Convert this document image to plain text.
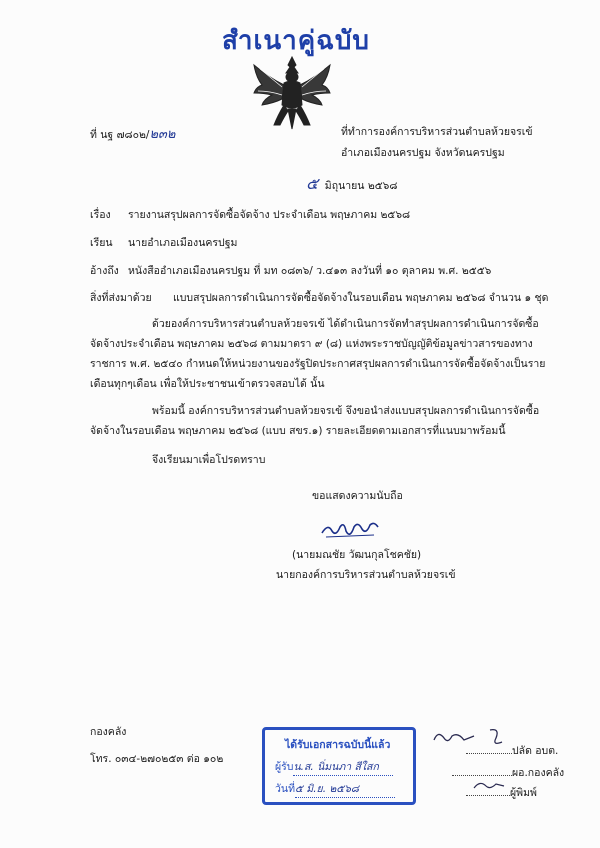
สำเนาคู่ฉบับ
ที่ นฐ ๗๘๐๒/๒๓๒	ที่ทำการองค์การบริหารส่วนตำบลห้วยจรเข้
อำเภอเมืองนครปฐม จังหวัดนครปฐม
๕ มิถุนายน ๒๕๖๘
เรื่อง รายงานสรุปผลการจัดซื้อจัดจ้าง ประจำเดือน พฤษภาคม ๒๕๖๘
เรียน นายอำเภอเมืองนครปฐม
อ้างถึง หนังสืออำเภอเมืองนครปฐม ที่ มท ๐๘๓๖/ ว.๔๑๓ ลงวันที่ ๑๐ ตุลาคม พ.ศ. ๒๕๕๖
สิ่งที่ส่งมาด้วย แบบสรุปผลการดำเนินการจัดซื้อจัดจ้างในรอบเดือน พฤษภาคม ๒๕๖๘ จำนวน ๑ ชุด
ด้วยองค์การบริหารส่วนตำบลห้วยจรเข้ ได้ดำเนินการจัดทำสรุปผลการดำเนินการจัดซื้อ
จัดจ้างประจำเดือน พฤษภาคม ๒๕๖๘ ตามมาตรา ๙ (๘) แห่งพระราชบัญญัติข้อมูลข่าวสารของทาง
ราชการ พ.ศ. ๒๕๔๐ กำหนดให้หน่วยงานของรัฐปิดประกาศสรุปผลการดำเนินการจัดซื้อจัดจ้างเป็นราย
เดือนทุกๆเดือน เพื่อให้ประชาชนเข้าตรวจสอบได้ นั้น
พร้อมนี้ องค์การบริหารส่วนตำบลห้วยจรเข้ จึงขอนำส่งแบบสรุปผลการดำเนินการจัดซื้อ
จัดจ้างในรอบเดือน พฤษภาคม ๒๕๖๘ (แบบ สขร.๑) รายละเอียดตามเอกสารที่แนบมาพร้อมนี้
จึงเรียนมาเพื่อโปรดทราบ
ขอแสดงความนับถือ
(นายมณชัย วัฒนกุลโชคชัย)
นายกองค์การบริหารส่วนตำบลห้วยจรเข้
กองคลัง
โทร. ๐๓๔-๒๗๐๒๕๓ ต่อ ๑๐๒
ได้รับเอกสารฉบับนี้แล้ว
ผู้รับน.ส. นิ่มนภา สีใสก
วันที่๕ มิ.ย. ๒๕๖๘
ปลัด อบต.
ผอ.กองคลัง
ผู้พิมพ์
